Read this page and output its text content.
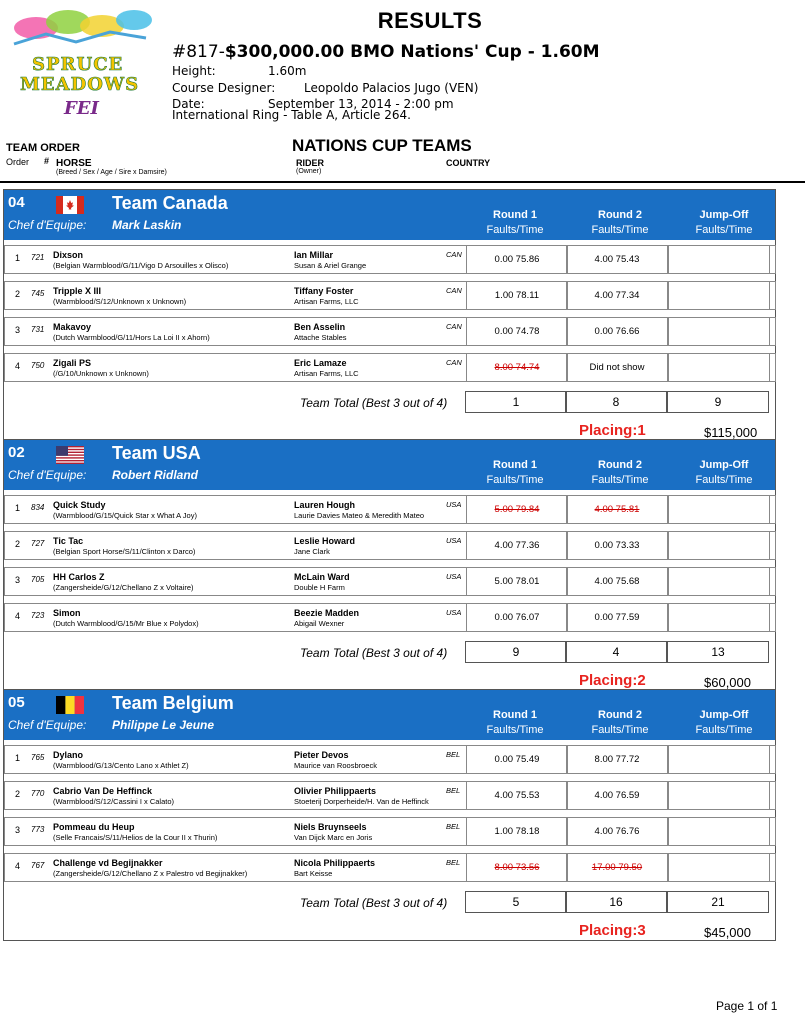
SPRUCE
MEADOWS
FEI
RESULTS
#817-$300,000.00 BMO Nations' Cup - 1.60M
Height:	1.60m
Course Designer: Leopoldo Palacios Jugo (VEN)
Date:	September 13, 2014 - 2:00 pm
International Ring - Table A, Article 264.
TEAM ORDER	NATIONS CUP TEAMS
Order # HORSE
(Breed / Sex / Age / Sire x Damsire)
RIDER
(Owner)
COUNTRY
04	Team Canada
Chef d'Equipe: Mark Laskin
Round 1
Faults/Time
Round 2
Faults/Time
Jump-Off
Faults/Time
1 721 Dixson
(Belgian Warmblood/G/11/Vigo D Arsouilles x Olisco)
Ian Millar
Susan & Ariel Grange
CAN	0.00 75.86	4.00 75.43
2 745 Tripple X III
(Warmblood/S/12/Unknown x Unknown)
Tiffany Foster
Artisan Farms, LLC
CAN	1.00 78.11	4.00 77.34
3 731 Makavoy
(Dutch Warmblood/G/11/Hors La Loi II x Ahorn)
Ben Asselin
Attache Stables
CAN	0.00 74.78	0.00 76.66
4 750 Zigali PS
(/G/10/Unknown x Unknown)
Eric Lamaze
Artisan Farms, LLC
CAN	8.00 74.74	Did not show
Team Total (Best 3 out of 4)	1	8	9
Placing:1	$115,000
02	Team USA
Chef d'Equipe: Robert Ridland
Round 1
Faults/Time
Round 2
Faults/Time
Jump-Off
Faults/Time
1 834 Quick Study
(Warmblood/G/15/Quick Star x What A Joy)
Lauren Hough
Laurie Davies Mateo & Meredith Mateo
USA	5.00 79.84	4.00 75.81
2 727 Tic Tac
(Belgian Sport Horse/S/11/Clinton x Darco)
Leslie Howard
Jane Clark
USA	4.00 77.36	0.00 73.33
3 705 HH Carlos Z
(Zangersheide/G/12/Chellano Z x Voltaire)
McLain Ward
Double H Farm
USA	5.00 78.01	4.00 75.68
4 723 Simon
(Dutch Warmblood/G/15/Mr Blue x Polydox)
Beezie Madden
Abigail Wexner
USA	0.00 76.07	0.00 77.59
Team Total (Best 3 out of 4)	9	4	13
Placing:2	$60,000
05	Team Belgium
Chef d'Equipe: Philippe Le Jeune
Round 1
Faults/Time
Round 2
Faults/Time
Jump-Off
Faults/Time
1 765 Dylano
(Warmblood/G/13/Cento Lano x Athlet Z)
Pieter Devos
Maurice van Roosbroeck
BEL	0.00 75.49	8.00 77.72
2 770 Cabrio Van De Heffinck
(Warmblood/S/12/Cassini I x Calato)
Olivier Philippaerts
Stoeterij Dorperheide/H. Van de Heffinck
BEL	4.00 75.53	4.00 76.59
3 773 Pommeau du Heup
(Selle Francais/S/11/Helios de la Cour II x Thurin)
Niels Bruynseels
Van Dijck Marc en Joris
BEL	1.00 78.18	4.00 76.76
4 767 Challenge vd Begijnakker
(Zangersheide/G/12/Chellano Z x Palestro vd Begijnakker)
Nicola Philippaerts
Bart Keisse
BEL	8.00 73.56	17.00 79.50
Team Total (Best 3 out of 4)	5	16	21
Placing:3	$45,000
Page 1 of 1
